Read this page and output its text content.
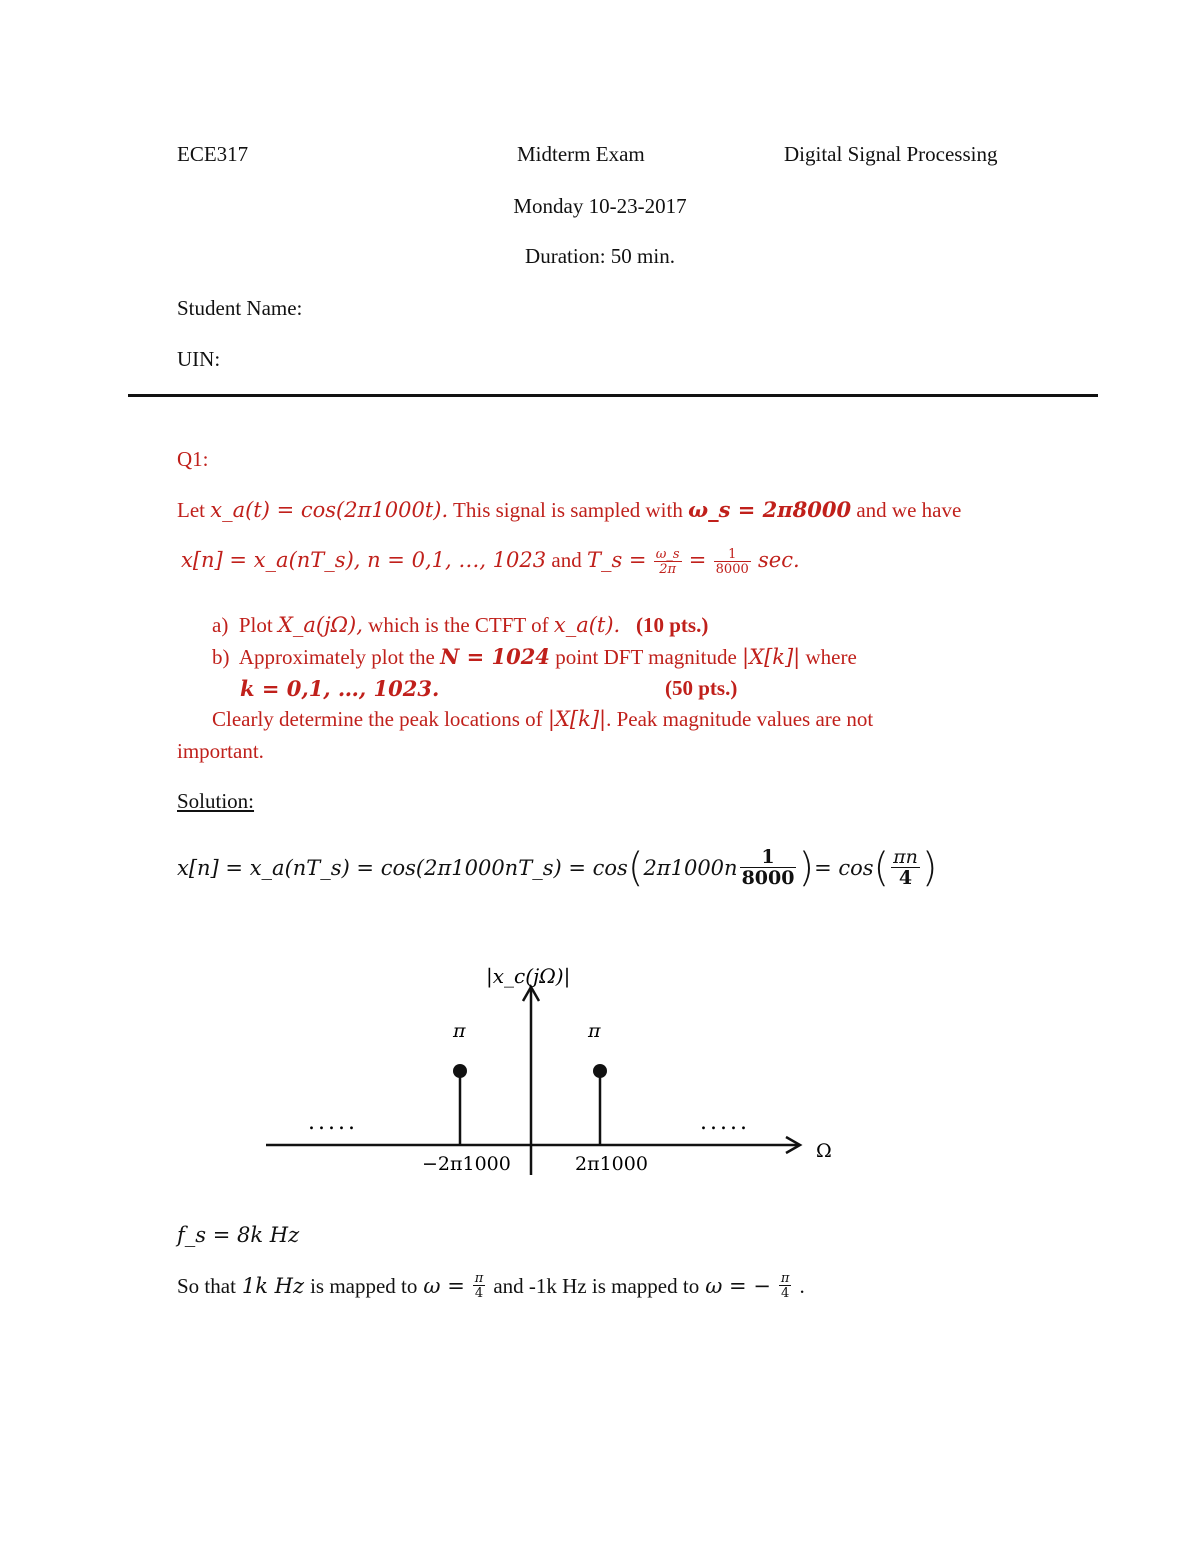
ECE317	Midterm Exam	Digital Signal Processing
Monday 10-23-2017
Duration: 50 min.
Student Name:
UIN:
Q1:
Let x_a(t) = cos(2π1000t). This signal is sampled with ω_s = 2π8000 and we have
x[n] = x_a(nT_s), n = 0,1, …, 1023 and T_s = $\frac{\omega\_s}{2\pi} = \frac{1}{8000} \sec$.
a) Plot X_a(jΩ), which is the CTFT of x_a(t). (10 pts.)
b) Approximately plot the N = 1024 point DFT magnitude |X[k]| where
k = 0,1, …, 1023.	(50 pts.)
Clearly determine the peak locations of |X[k]|. Peak magnitude values are not
important.
Solution:
x[n] = x_a(nT_s) = cos(2π1000nT_s) = cos ( $2\pi 1000n \frac{1}{8000}$ ) = cos ( $\frac{\pi n}{4}$ )
|x_c(jΩ)|
Ω
π	π
−2π1000	2π1000
.....	.....
f_s = 8k Hz
So that 1k Hz is mapped to $\omega = \frac{\pi}{4}$ and -1k Hz is mapped to ω = − $\frac{\pi}{4}$ .
